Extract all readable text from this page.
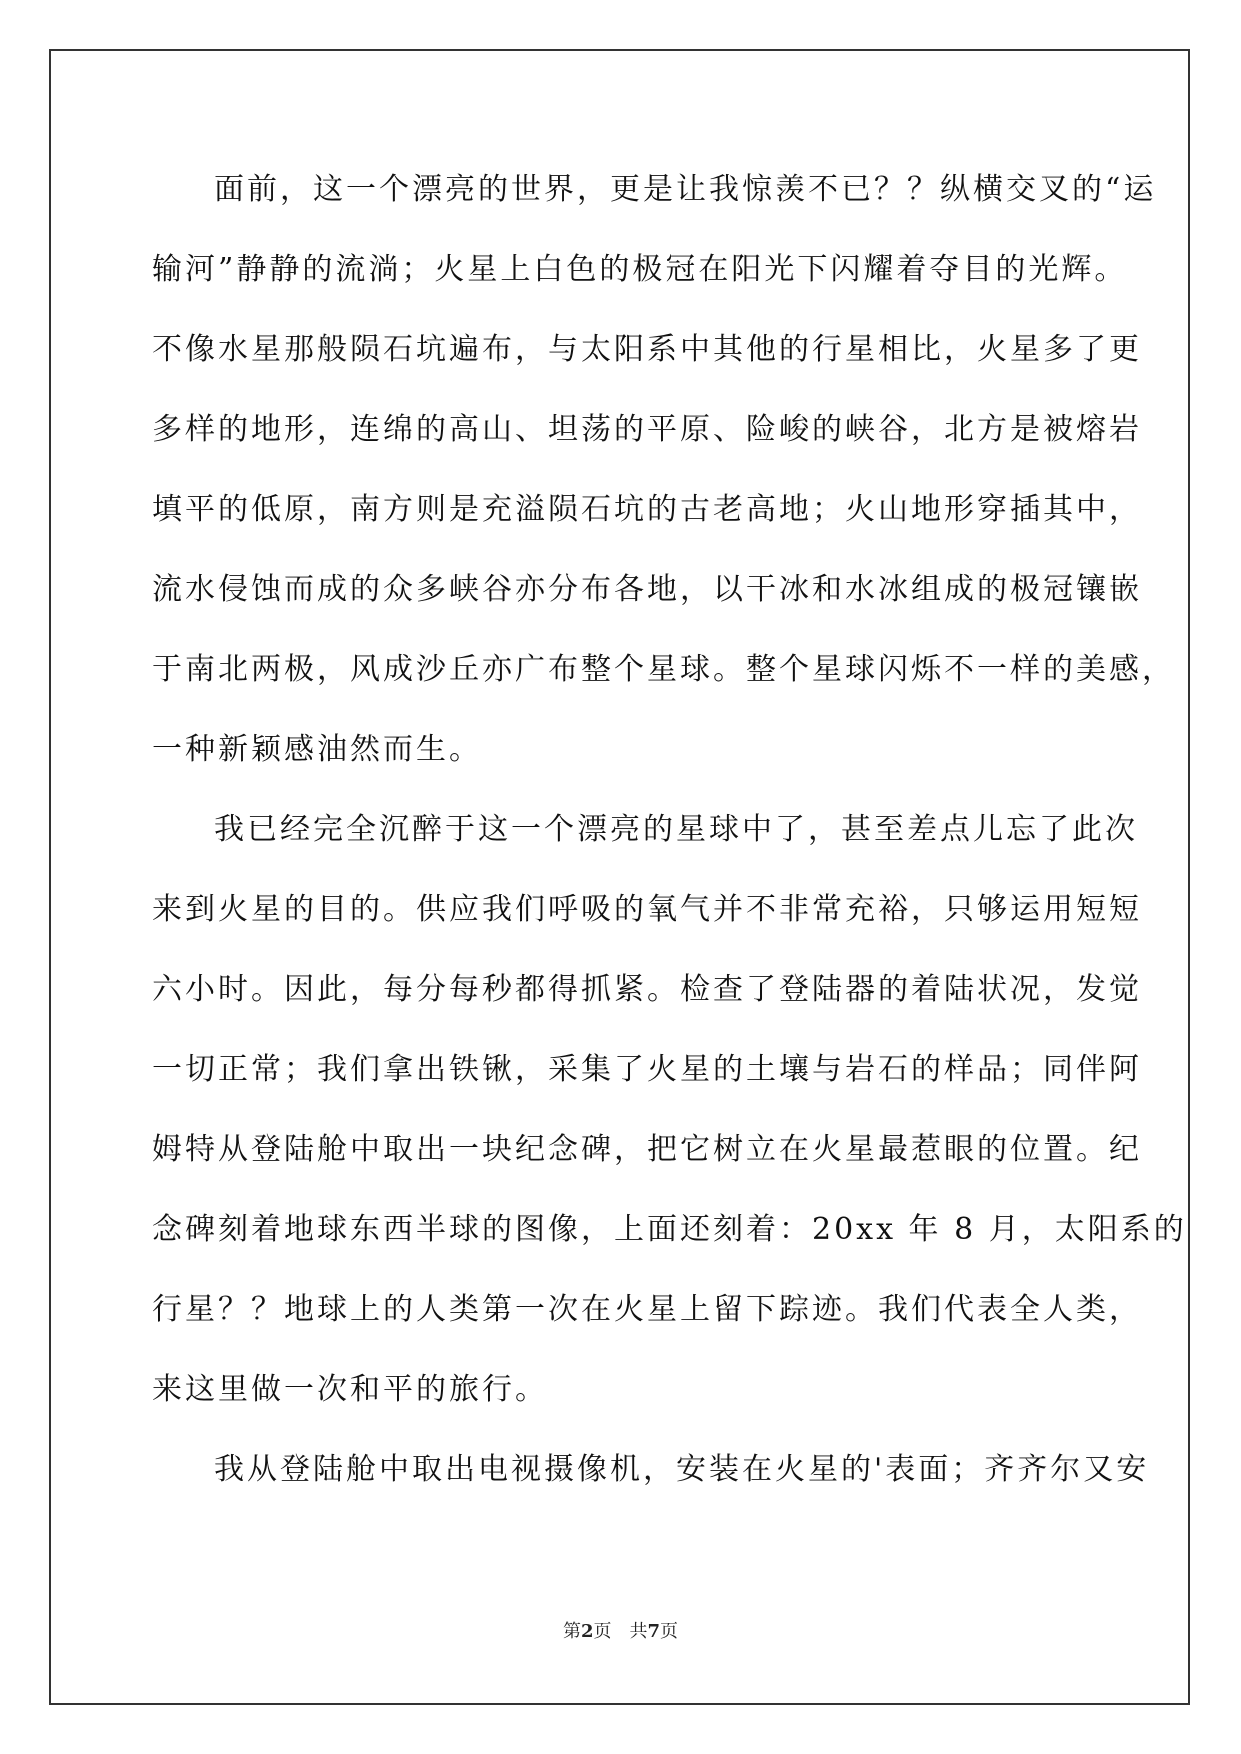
面前，这一个漂亮的世界，更是让我惊羡不已？？纵横交叉的“运
输河”静静的流淌；火星上白色的极冠在阳光下闪耀着夺目的光辉。
不像水星那般陨石坑遍布，与太阳系中其他的行星相比，火星多了更
多样的地形，连绵的高山、坦荡的平原、险峻的峡谷，北方是被熔岩
填平的低原，南方则是充溢陨石坑的古老高地；火山地形穿插其中，
流水侵蚀而成的众多峡谷亦分布各地，以干冰和水冰组成的极冠镶嵌
于南北两极，风成沙丘亦广布整个星球。整个星球闪烁不一样的美感，
一种新颖感油然而生。
我已经完全沉醉于这一个漂亮的星球中了，甚至差点儿忘了此次
来到火星的目的。供应我们呼吸的氧气并不非常充裕，只够运用短短
六小时。因此，每分每秒都得抓紧。检查了登陆器的着陆状况，发觉
一切正常；我们拿出铁锹，采集了火星的土壤与岩石的样品；同伴阿
姆特从登陆舱中取出一块纪念碑，把它树立在火星最惹眼的位置。纪
念碑刻着地球东西半球的图像，上面还刻着：20xx 年 8 月，太阳系的
行星？？地球上的人类第一次在火星上留下踪迹。我们代表全人类，
来这里做一次和平的旅行。
我从登陆舱中取出电视摄像机，安装在火星的'表面；齐齐尔又安
第2页 共7页
